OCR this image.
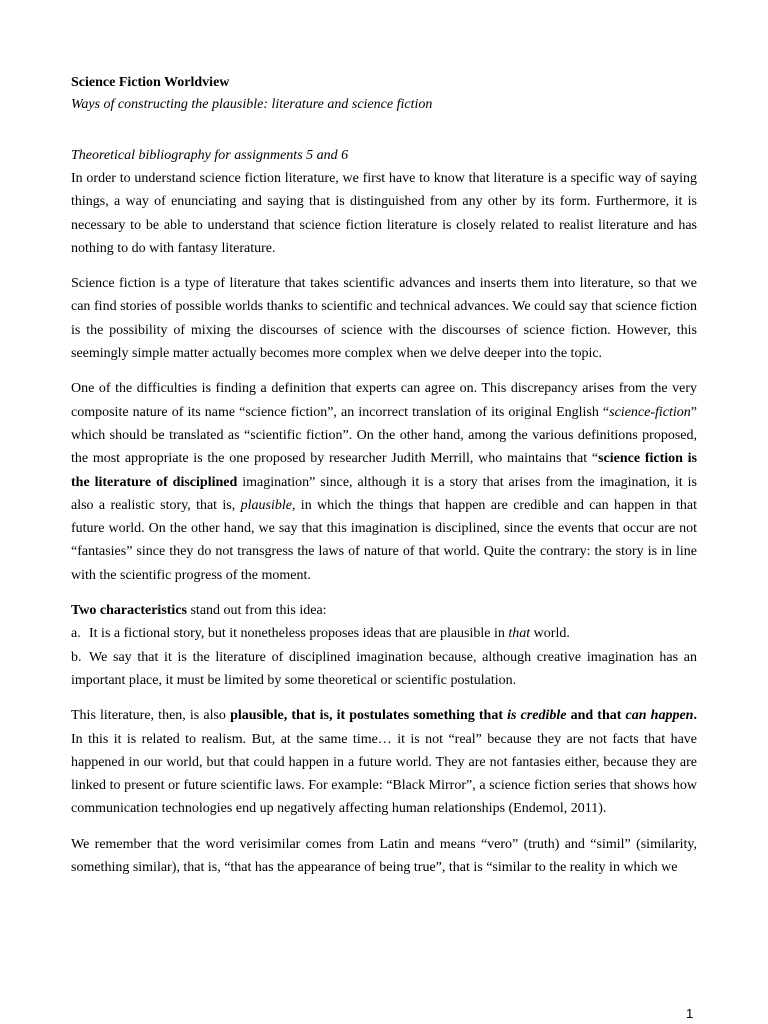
Science Fiction Worldview
Ways of constructing the plausible: literature and science fiction
Theoretical bibliography for assignments 5 and 6

In order to understand science fiction literature, we first have to know that literature is a specific way of saying things, a way of enunciating and saying that is distinguished from any other by its form. Furthermore, it is necessary to be able to understand that science fiction literature is closely related to realist literature and has nothing to do with fantasy literature.

Science fiction is a type of literature that takes scientific advances and inserts them into literature, so that we can find stories of possible worlds thanks to scientific and technical advances. We could say that science fiction is the possibility of mixing the discourses of science with the discourses of science fiction. However, this seemingly simple matter actually becomes more complex when we delve deeper into the topic.

One of the difficulties is finding a definition that experts can agree on. This discrepancy arises from the very composite nature of its name “science fiction”, an incorrect translation of its original English “science-fiction” which should be translated as “scientific fiction”. On the other hand, among the various definitions proposed, the most appropriate is the one proposed by researcher Judith Merrill, who maintains that “science fiction is the literature of disciplined imagination” since, although it is a story that arises from the imagination, it is also a realistic story, that is, plausible, in which the things that happen are credible and can happen in that future world. On the other hand, we say that this imagination is disciplined, since the events that occur are not “fantasies” since they do not transgress the laws of nature of that world. Quite the contrary: the story is in line with the scientific progress of the moment.

Two characteristics stand out from this idea:

a. It is a fictional story, but it nonetheless proposes ideas that are plausible in that world.
b. We say that it is the literature of disciplined imagination because, although creative imagination has an important place, it must be limited by some theoretical or scientific postulation.

This literature, then, is also plausible, that is, it postulates something that is credible and that can happen. In this it is related to realism. But, at the same time… it is not “real” because they are not facts that have happened in our world, but that could happen in a future world. They are not fantasies either, because they are linked to present or future scientific laws. For example: “Black Mirror”, a science fiction series that shows how communication technologies end up negatively affecting human relationships (Endemol, 2011).

We remember that the word verisimilar comes from Latin and means “vero” (truth) and “simil” (similarity, something similar), that is, “that has the appearance of being true”, that is “similar to the reality in which we

1
